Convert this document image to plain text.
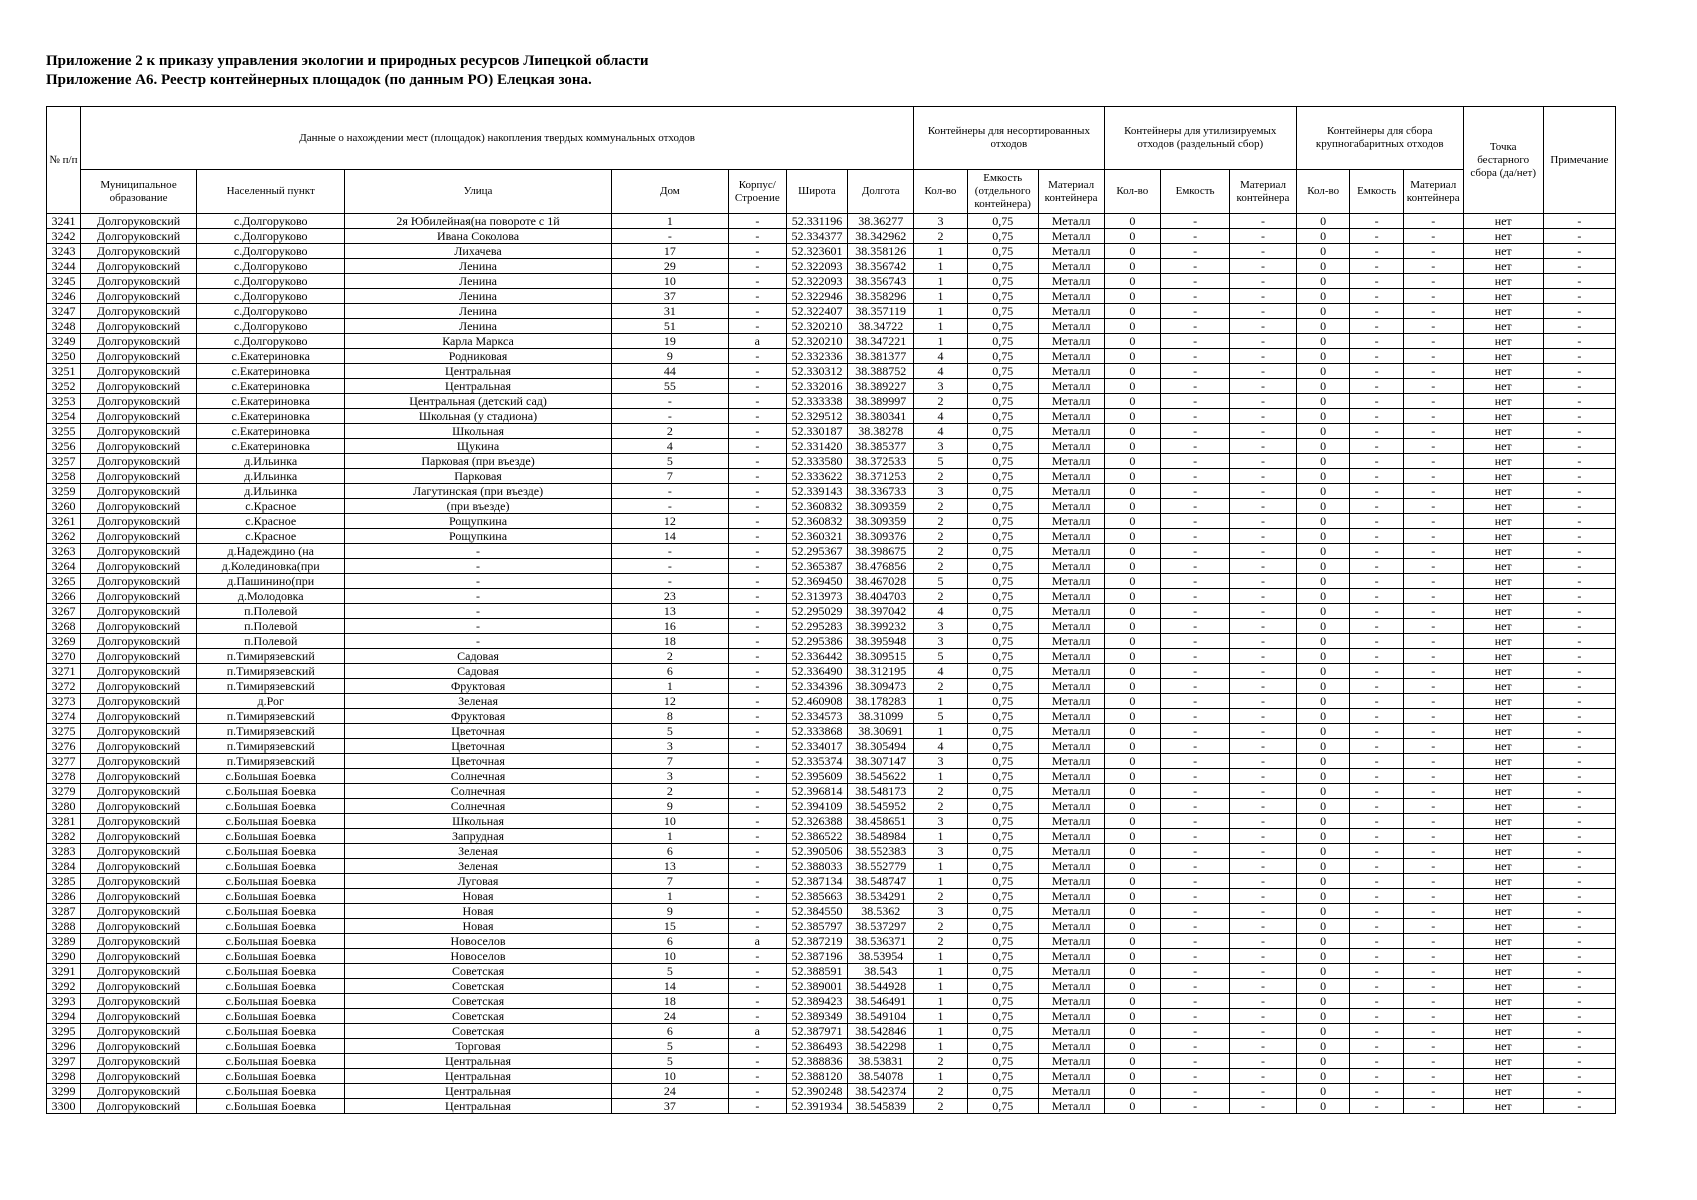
Приложение 2 к приказу управления экологии и природных ресурсов Липецкой области
Приложение А6. Реестр контейнерных площадок (по данным РО) Елецкая зона.
№ п/п	Данные о нахождении мест (площадок) накопления твердых коммунальных отходов							Контейнеры для несортированных отходов			Контейнеры для утилизируемых отходов (раздельный сбор)			Контейнеры для сбора крупногабаритных отходов			Точка бестарного сбора (да/нет)	Примечание
	Муниципальное образование	Населенный пункт	Улица	Дом	Корпус/ Строение	Широта	Долгота	Кол-во	Емкость (отдельного контейнера)	Материал контейнера	Кол-во	Емкость	Материал контейнера	Кол-во	Емкость	Материал контейнера		
3241	Долгоруковский	с.Долгоруково	2я Юбилейная(на повороте с 1й	1	-	52.331196	38.36277	3	0,75	Металл	0	-	-	0	-	-	нет	-
3242	Долгоруковский	с.Долгоруково	Ивана Соколова	-	-	52.334377	38.342962	2	0,75	Металл	0	-	-	0	-	-	нет	-
3243	Долгоруковский	с.Долгоруково	Лихачева	17	-	52.323601	38.358126	1	0,75	Металл	0	-	-	0	-	-	нет	-
3244	Долгоруковский	с.Долгоруково	Ленина	29	-	52.322093	38.356742	1	0,75	Металл	0	-	-	0	-	-	нет	-
3245	Долгоруковский	с.Долгоруково	Ленина	10	-	52.322093	38.356743	1	0,75	Металл	0	-	-	0	-	-	нет	-
3246	Долгоруковский	с.Долгоруково	Ленина	37	-	52.322946	38.358296	1	0,75	Металл	0	-	-	0	-	-	нет	-
3247	Долгоруковский	с.Долгоруково	Ленина	31	-	52.322407	38.357119	1	0,75	Металл	0	-	-	0	-	-	нет	-
3248	Долгоруковский	с.Долгоруково	Ленина	51	-	52.320210	38.34722	1	0,75	Металл	0	-	-	0	-	-	нет	-
3249	Долгоруковский	с.Долгоруково	Карла Маркса	19	а	52.320210	38.347221	1	0,75	Металл	0	-	-	0	-	-	нет	-
3250	Долгоруковский	с.Екатериновка	Родниковая	9	-	52.332336	38.381377	4	0,75	Металл	0	-	-	0	-	-	нет	-
3251	Долгоруковский	с.Екатериновка	Центральная	44	-	52.330312	38.388752	4	0,75	Металл	0	-	-	0	-	-	нет	-
3252	Долгоруковский	с.Екатериновка	Центральная	55	-	52.332016	38.389227	3	0,75	Металл	0	-	-	0	-	-	нет	-
3253	Долгоруковский	с.Екатериновка	Центральная (детский сад)	-	-	52.333338	38.389997	2	0,75	Металл	0	-	-	0	-	-	нет	-
3254	Долгоруковский	с.Екатериновка	Школьная (у стадиона)	-	-	52.329512	38.380341	4	0,75	Металл	0	-	-	0	-	-	нет	-
3255	Долгоруковский	с.Екатериновка	Школьная	2	-	52.330187	38.38278	4	0,75	Металл	0	-	-	0	-	-	нет	-
3256	Долгоруковский	с.Екатериновка	Щукина	4	-	52.331420	38.385377	3	0,75	Металл	0	-	-	0	-	-	нет	-
3257	Долгоруковский	д.Ильинка	Парковая (при въезде)	5	-	52.333580	38.372533	5	0,75	Металл	0	-	-	0	-	-	нет	-
3258	Долгоруковский	д.Ильинка	Парковая	7	-	52.333622	38.371253	2	0,75	Металл	0	-	-	0	-	-	нет	-
3259	Долгоруковский	д.Ильинка	Лагутинская (при въезде)	-	-	52.339143	38.336733	3	0,75	Металл	0	-	-	0	-	-	нет	-
3260	Долгоруковский	с.Красное	(при въезде)	-	-	52.360832	38.309359	2	0,75	Металл	0	-	-	0	-	-	нет	-
3261	Долгоруковский	с.Красное	Рощупкина	12	-	52.360832	38.309359	2	0,75	Металл	0	-	-	0	-	-	нет	-
3262	Долгоруковский	с.Красное	Рощупкина	14	-	52.360321	38.309376	2	0,75	Металл	0	-	-	0	-	-	нет	-
3263	Долгоруковский	д.Надеждино (на	-	-	-	52.295367	38.398675	2	0,75	Металл	0	-	-	0	-	-	нет	-
3264	Долгоруковский	д.Колединовка(при	-	-	-	52.365387	38.476856	2	0,75	Металл	0	-	-	0	-	-	нет	-
3265	Долгоруковский	д.Пашинино(при	-	-	-	52.369450	38.467028	5	0,75	Металл	0	-	-	0	-	-	нет	-
3266	Долгоруковский	д.Молодовка	-	23	-	52.313973	38.404703	2	0,75	Металл	0	-	-	0	-	-	нет	-
3267	Долгоруковский	п.Полевой	-	13	-	52.295029	38.397042	4	0,75	Металл	0	-	-	0	-	-	нет	-
3268	Долгоруковский	п.Полевой	-	16	-	52.295283	38.399232	3	0,75	Металл	0	-	-	0	-	-	нет	-
3269	Долгоруковский	п.Полевой	-	18	-	52.295386	38.395948	3	0,75	Металл	0	-	-	0	-	-	нет	-
3270	Долгоруковский	п.Тимирязевский	Садовая	2	-	52.336442	38.309515	5	0,75	Металл	0	-	-	0	-	-	нет	-
3271	Долгоруковский	п.Тимирязевский	Садовая	6	-	52.336490	38.312195	4	0,75	Металл	0	-	-	0	-	-	нет	-
3272	Долгоруковский	п.Тимирязевский	Фруктовая	1	-	52.334396	38.309473	2	0,75	Металл	0	-	-	0	-	-	нет	-
3273	Долгоруковский	д.Рог	Зеленая	12	-	52.460908	38.178283	1	0,75	Металл	0	-	-	0	-	-	нет	-
3274	Долгоруковский	п.Тимирязевский	Фруктовая	8	-	52.334573	38.31099	5	0,75	Металл	0	-	-	0	-	-	нет	-
3275	Долгоруковский	п.Тимирязевский	Цветочная	5	-	52.333868	38.30691	1	0,75	Металл	0	-	-	0	-	-	нет	-
3276	Долгоруковский	п.Тимирязевский	Цветочная	3	-	52.334017	38.305494	4	0,75	Металл	0	-	-	0	-	-	нет	-
3277	Долгоруковский	п.Тимирязевский	Цветочная	7	-	52.335374	38.307147	3	0,75	Металл	0	-	-	0	-	-	нет	-
3278	Долгоруковский	с.Большая Боевка	Солнечная	3	-	52.395609	38.545622	1	0,75	Металл	0	-	-	0	-	-	нет	-
3279	Долгоруковский	с.Большая Боевка	Солнечная	2	-	52.396814	38.548173	2	0,75	Металл	0	-	-	0	-	-	нет	-
3280	Долгоруковский	с.Большая Боевка	Солнечная	9	-	52.394109	38.545952	2	0,75	Металл	0	-	-	0	-	-	нет	-
3281	Долгоруковский	с.Большая Боевка	Школьная	10	-	52.326388	38.458651	3	0,75	Металл	0	-	-	0	-	-	нет	-
3282	Долгоруковский	с.Большая Боевка	Запрудная	1	-	52.386522	38.548984	1	0,75	Металл	0	-	-	0	-	-	нет	-
3283	Долгоруковский	с.Большая Боевка	Зеленая	6	-	52.390506	38.552383	3	0,75	Металл	0	-	-	0	-	-	нет	-
3284	Долгоруковский	с.Большая Боевка	Зеленая	13	-	52.388033	38.552779	1	0,75	Металл	0	-	-	0	-	-	нет	-
3285	Долгоруковский	с.Большая Боевка	Луговая	7	-	52.387134	38.548747	1	0,75	Металл	0	-	-	0	-	-	нет	-
3286	Долгоруковский	с.Большая Боевка	Новая	1	-	52.385663	38.534291	2	0,75	Металл	0	-	-	0	-	-	нет	-
3287	Долгоруковский	с.Большая Боевка	Новая	9	-	52.384550	38.5362	3	0,75	Металл	0	-	-	0	-	-	нет	-
3288	Долгоруковский	с.Большая Боевка	Новая	15	-	52.385797	38.537297	2	0,75	Металл	0	-	-	0	-	-	нет	-
3289	Долгоруковский	с.Большая Боевка	Новоселов	6	а	52.387219	38.536371	2	0,75	Металл	0	-	-	0	-	-	нет	-
3290	Долгоруковский	с.Большая Боевка	Новоселов	10	-	52.387196	38.53954	1	0,75	Металл	0	-	-	0	-	-	нет	-
3291	Долгоруковский	с.Большая Боевка	Советская	5	-	52.388591	38.543	1	0,75	Металл	0	-	-	0	-	-	нет	-
3292	Долгоруковский	с.Большая Боевка	Советская	14	-	52.389001	38.544928	1	0,75	Металл	0	-	-	0	-	-	нет	-
3293	Долгоруковский	с.Большая Боевка	Советская	18	-	52.389423	38.546491	1	0,75	Металл	0	-	-	0	-	-	нет	-
3294	Долгоруковский	с.Большая Боевка	Советская	24	-	52.389349	38.549104	1	0,75	Металл	0	-	-	0	-	-	нет	-
3295	Долгоруковский	с.Большая Боевка	Советская	6	а	52.387971	38.542846	1	0,75	Металл	0	-	-	0	-	-	нет	-
3296	Долгоруковский	с.Большая Боевка	Торговая	5	-	52.386493	38.542298	1	0,75	Металл	0	-	-	0	-	-	нет	-
3297	Долгоруковский	с.Большая Боевка	Центральная	5	-	52.388836	38.53831	2	0,75	Металл	0	-	-	0	-	-	нет	-
3298	Долгоруковский	с.Большая Боевка	Центральная	10	-	52.388120	38.54078	1	0,75	Металл	0	-	-	0	-	-	нет	-
3299	Долгоруковский	с.Большая Боевка	Центральная	24	-	52.390248	38.542374	2	0,75	Металл	0	-	-	0	-	-	нет	-
3300	Долгоруковский	с.Большая Боевка	Центральная	37	-	52.391934	38.545839	2	0,75	Металл	0	-	-	0	-	-	нет	-
